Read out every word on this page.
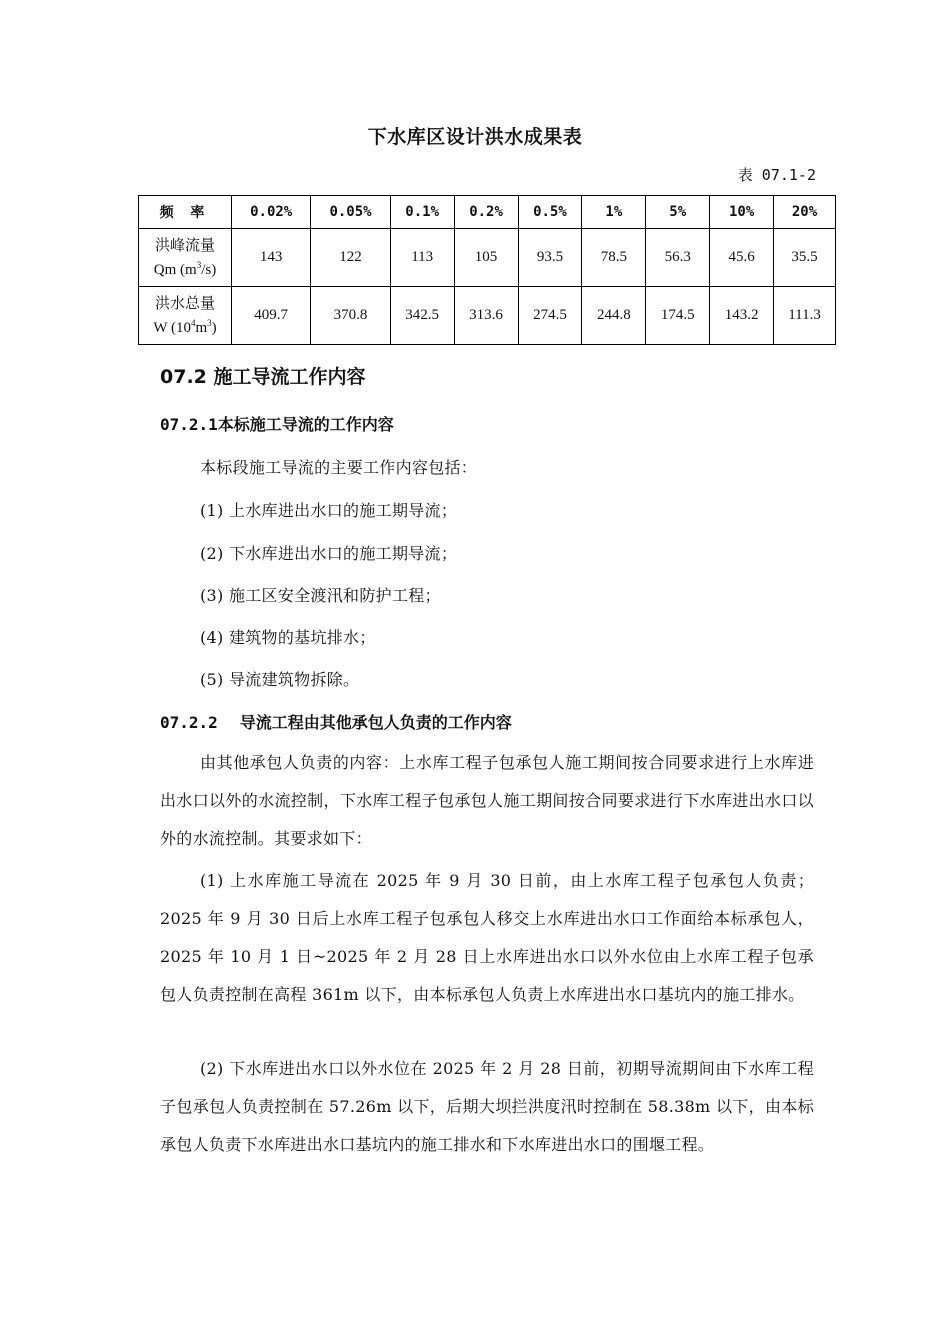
下水库区设计洪水成果表
表 07.1-2
频 率	0.02%	0.05%	0.1%	0.2%	0.5%	1%	5%	10%	20%

洪峰流量
Qm $(m^3/s)$	143	122	113	105	93.5	78.5	56.3	45.6	35.5

洪水总量
W $(10^4m^3)$	409.7	370.8	342.5	313.6	274.5	244.8	174.5	143.2	111.3
07.2 施工导流工作内容
07.2.1本标施工导流的工作内容
本标段施工导流的主要工作内容包括：
(1) 上水库进出水口的施工期导流；
(2) 下水库进出水口的施工期导流；
(3) 施工区安全渡汛和防护工程；
(4) 建筑物的基坑排水；
(5) 导流建筑物拆除。
07.2.2 导流工程由其他承包人负责的工作内容
由其他承包人负责的内容：上水库工程子包承包人施工期间按合同要求进行上水库进出水口以外的水流控制，下水库工程子包承包人施工期间按合同要求进行下水库进出水口以外的水流控制。其要求如下：
(1) 上水库施工导流在 2025 年 9 月 30 日前，由上水库工程子包承包人负责；2025 年 9 月 30 日后上水库工程子包承包人移交上水库进出水口工作面给本标承包人，2025 年 10 月 1 日~2025 年 2 月 28 日上水库进出水口以外水位由上水库工程子包承包人负责控制在高程 361m 以下，由本标承包人负责上水库进出水口基坑内的施工排水。
(2) 下水库进出水口以外水位在 2025 年 2 月 28 日前，初期导流期间由下水库工程子包承包人负责控制在 57.26m 以下，后期大坝拦洪度汛时控制在 58.38m 以下，由本标承包人负责下水库进出水口基坑内的施工排水和下水库进出水口的围堰工程。
